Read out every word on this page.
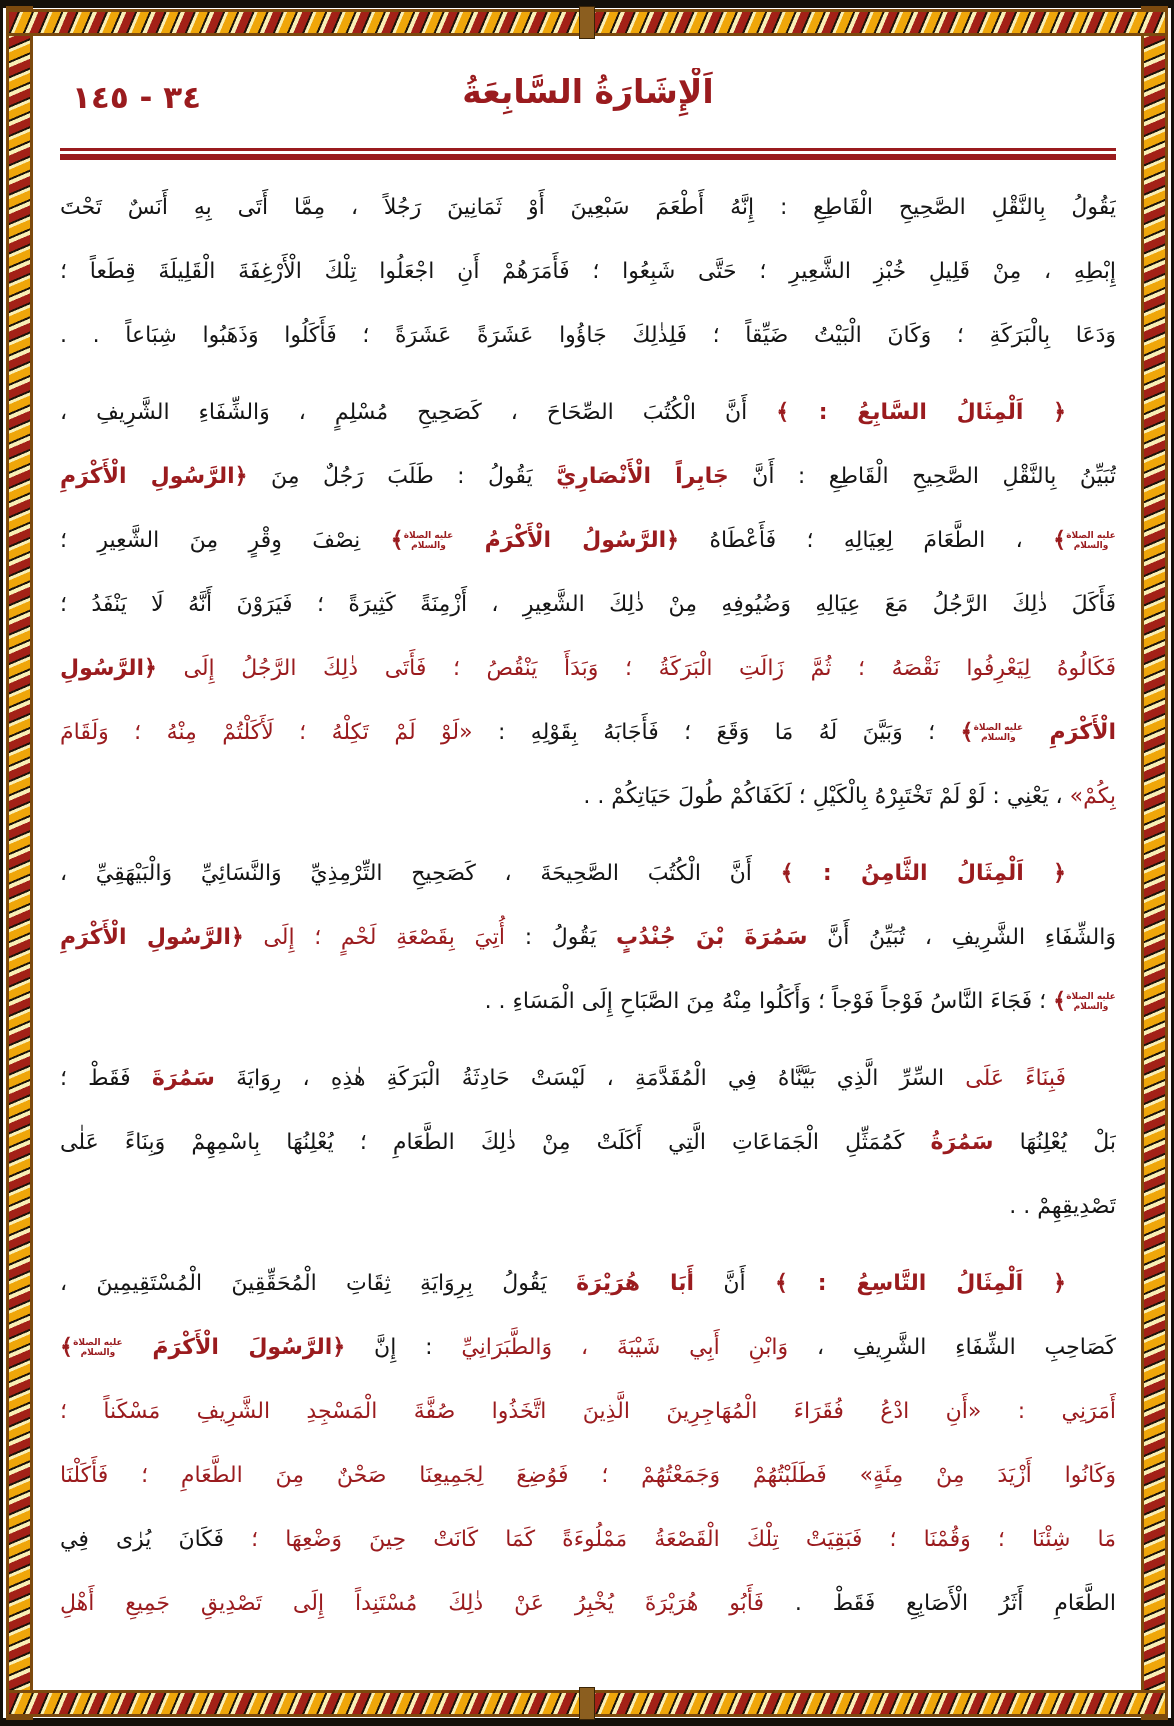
٣٤ - ١٤٥	اَلْإِشَارَةُ السَّابِعَةُ
يَقُولُ بِالنَّقْلِ الصَّحِيحِ الْقَاطِعِ : إِنَّهُ أَطْعَمَ سَبْعِينَ أَوْ ثَمَانِينَ رَجُلاً ، مِمَّا أَتَى بِهِ أَنَسٌ تَحْتَ
إِبْطِهِ ، مِنْ قَلِيلِ خُبْزِ الشَّعِيرِ ؛ حَتَّى شَبِعُوا ؛ فَأَمَرَهُمْ أَنِ اجْعَلُوا تِلْكَ الْأَرْغِفَةَ الْقَلِيلَةَ قِطَعاً ؛
وَدَعَا بِالْبَرَكَةِ ؛ وَكَانَ الْبَيْتُ ضَيِّقاً ؛ فَلِذٰلِكَ جَاؤُوا عَشَرَةً عَشَرَةً ؛ فَأَكَلُوا وَذَهَبُوا شِبَاعاً . .
﴿ اَلْمِثَالُ السَّابِعُ : ﴾ أَنَّ الْكُتُبَ الصِّحَاحَ ، كَصَحِيحِ مُسْلِمٍ ، وَالشِّفَاءِ الشَّرِيفِ ،
تُبَيِّنُ بِالنَّقْلِ الصَّحِيحِ الْقَاطِعِ : أَنَّ جَابِراً الْأَنْصَارِيَّ يَقُولُ : طَلَبَ رَجُلٌ مِنَ ﴿الرَّسُولِ الْأَكْرَمِ
عليه الصلاة والسلام﴾ ، الطَّعَامَ لِعِيَالِهِ ؛ فَأَعْطَاهُ ﴿الرَّسُولُ الْأَكْرَمُ عليه الصلاة والسلام﴾ نِصْفَ وِقْرٍ مِنَ الشَّعِيرِ ؛
فَأَكَلَ ذٰلِكَ الرَّجُلُ مَعَ عِيَالِهِ وَضُيُوفِهِ مِنْ ذٰلِكَ الشَّعِيرِ ، أَزْمِنَةً كَثِيرَةً ؛ فَيَرَوْنَ أَنَّهُ لَا يَنْفَدُ ؛
فَكَالُوهُ لِيَعْرِفُوا نَقْصَهُ ؛ ثُمَّ زَالَتِ الْبَرَكَةُ ؛ وَبَدَأَ يَنْقُصُ ؛ فَأَتَى ذٰلِكَ الرَّجُلُ إِلَى ﴿الرَّسُولِ
الْأَكْرَمِ عليه الصلاة والسلام﴾ ؛ وَبَيَّنَ لَهُ مَا وَقَعَ ؛ فَأَجَابَهُ بِقَوْلِهِ : «لَوْ لَمْ تَكِلْهُ ؛ لَأَكَلْتُمْ مِنْهُ ؛ وَلَقَامَ
بِكُمْ» ، يَعْنِي : لَوْ لَمْ تَخْتَبِرْهُ بِالْكَيْلِ ؛ لَكَفَاكُمْ طُولَ حَيَاتِكُمْ . .
﴿ اَلْمِثَالُ الثَّامِنُ : ﴾ أَنَّ الْكُتُبَ الصَّحِيحَةَ ، كَصَحِيحِ التِّرْمِذِيِّ وَالنَّسَائِيِّ وَالْبَيْهَقِيِّ ،
وَالشِّفَاءِ الشَّرِيفِ ، تُبَيِّنُ أَنَّ سَمُرَةَ بْنَ جُنْدُبٍ يَقُولُ : أُتِيَ بِقَصْعَةِ لَحْمٍ ؛ إِلَى ﴿الرَّسُولِ الْأَكْرَمِ
عليه الصلاة والسلام﴾ ؛ فَجَاءَ النَّاسُ فَوْجاً فَوْجاً ؛ وَأَكَلُوا مِنْهُ مِنَ الصَّبَاحِ إِلَى الْمَسَاءِ . .
فَبِنَاءً عَلَى السِّرِّ الَّذِي بَيَّنَّاهُ فِي الْمُقَدَّمَةِ ، لَيْسَتْ حَادِثَةُ الْبَرَكَةِ هٰذِهِ ، رِوَايَةَ سَمُرَةَ فَقَطْ ؛
بَلْ يُعْلِنُهَا سَمُرَةُ كَمُمَثِّلِ الْجَمَاعَاتِ الَّتِي أَكَلَتْ مِنْ ذٰلِكَ الطَّعَامِ ؛ يُعْلِنُهَا بِاسْمِهِمْ وَبِنَاءً عَلٰى
تَصْدِيقِهِمْ . .
﴿ اَلْمِثَالُ التَّاسِعُ : ﴾ أَنَّ أَبَا هُرَيْرَةَ يَقُولُ بِرِوَايَةِ ثِقَاتِ الْمُحَقِّقِينَ الْمُسْتَقِيمِينَ ،
كَصَاحِبِ الشِّفَاءِ الشَّرِيفِ ، وَابْنِ أَبِي شَيْبَةَ ، وَالطَّبَرَانِيِّ : إِنَّ ﴿الرَّسُولَ الْأَكْرَمَ عليه الصلاة والسلام﴾
أَمَرَنِي : «أَنِ ادْعُ فُقَرَاءَ الْمُهَاجِرِينَ الَّذِينَ اتَّخَذُوا صُفَّةَ الْمَسْجِدِ الشَّرِيفِ مَسْكَناً ؛
وَكَانُوا أَزْيَدَ مِنْ مِئَةٍ» فَطَلَبْتُهُمْ وَجَمَعْتُهُمْ ؛ فَوُضِعَ لِجَمِيعِنَا صَحْنٌ مِنَ الطَّعَامِ ؛ فَأَكَلْنَا
مَا شِئْنَا ؛ وَقُمْنَا ؛ فَبَقِيَتْ تِلْكَ الْقَصْعَةُ مَمْلُوءَةً كَمَا كَانَتْ حِينَ وَضْعِهَا ؛ فَكَانَ يُرٰى فِي
الطَّعَامِ أَثَرُ الْأَصَابِعِ فَقَطْ . فَأَبُو هُرَيْرَةَ يُخْبِرُ عَنْ ذٰلِكَ مُسْتَنِداً إِلَى تَصْدِيقِ جَمِيعِ أَهْلِ
